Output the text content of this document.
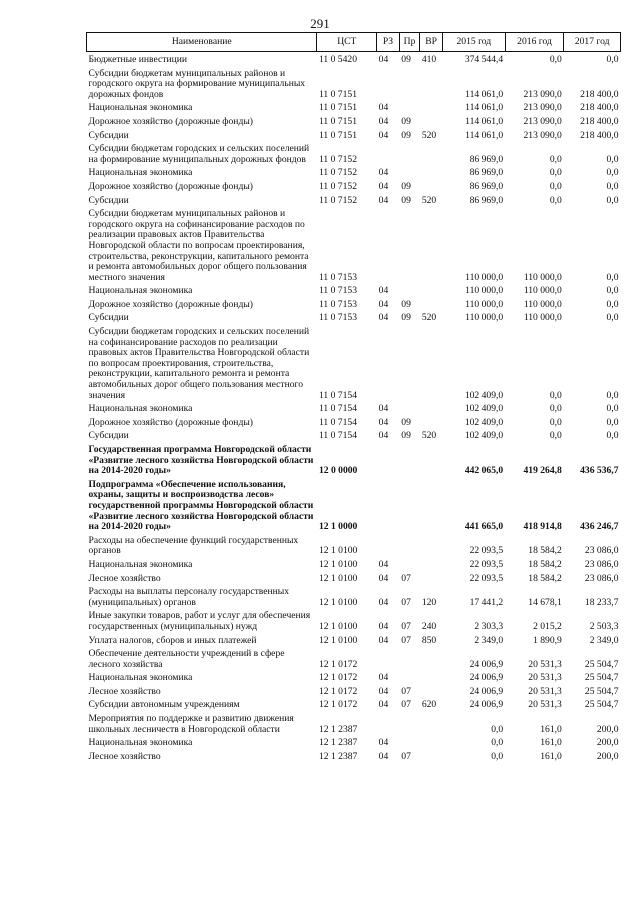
291
Наименование	ЦСТ	РЗ	Пр	ВР	2015 год	2016 год	2017 год
Бюджетные инвестиции	11 0 5420	04	09	410	374 544,4	0,0	0,0
Субсидии бюджетам муниципальных районов и городского округа на формирование муниципальных дорожных фондов	11 0 7151				114 061,0	213 090,0	218 400,0
Национальная экономика	11 0 7151	04			114 061,0	213 090,0	218 400,0
Дорожное хозяйство (дорожные фонды)	11 0 7151	04	09		114 061,0	213 090,0	218 400,0
Субсидии	11 0 7151	04	09	520	114 061,0	213 090,0	218 400,0
Субсидии бюджетам городских и сельских поселений на формирование муниципальных дорожных фондов	11 0 7152				86 969,0	0,0	0,0
Национальная экономика	11 0 7152	04			86 969,0	0,0	0,0
Дорожное хозяйство (дорожные фонды)	11 0 7152	04	09		86 969,0	0,0	0,0
Субсидии	11 0 7152	04	09	520	86 969,0	0,0	0,0
Субсидии бюджетам муниципальных районов и городского округа на софинансирование расходов по реализации правовых актов Правительства Новгородской области по вопросам проектирования, строительства, реконструкции, капитального ремонта и ремонта автомобильных дорог общего пользования местного значения	11 0 7153				110 000,0	110 000,0	0,0
Национальная экономика	11 0 7153	04			110 000,0	110 000,0	0,0
Дорожное хозяйство (дорожные фонды)	11 0 7153	04	09		110 000,0	110 000,0	0,0
Субсидии	11 0 7153	04	09	520	110 000,0	110 000,0	0,0
Субсидии бюджетам городских и сельских поселений на софинансирование расходов по реализации правовых актов Правительства Новгородской области по вопросам проектирования, строительства, реконструкции, капитального ремонта и ремонта автомобильных дорог общего пользования местного значения	11 0 7154				102 409,0	0,0	0,0
Национальная экономика	11 0 7154	04			102 409,0	0,0	0,0
Дорожное хозяйство (дорожные фонды)	11 0 7154	04	09		102 409,0	0,0	0,0
Субсидии	11 0 7154	04	09	520	102 409,0	0,0	0,0
Государственная программа Новгородской области «Развитие лесного хозяйства Новгородской области на 2014-2020 годы»	12 0 0000				442 065,0	419 264,8	436 536,7
Подпрограмма «Обеспечение использования, охраны, защиты и воспроизводства лесов» государственной программы Новгородской области «Развитие лесного хозяйства Новгородской области на 2014-2020 годы»	12 1 0000				441 665,0	418 914,8	436 246,7
Расходы на обеспечение функций государственных органов	12 1 0100				22 093,5	18 584,2	23 086,0
Национальная экономика	12 1 0100	04			22 093,5	18 584,2	23 086,0
Лесное хозяйство	12 1 0100	04	07		22 093,5	18 584,2	23 086,0
Расходы на выплаты персоналу государственных (муниципальных) органов	12 1 0100	04	07	120	17 441,2	14 678,1	18 233,7
Иные закупки товаров, работ и услуг для обеспечения государственных (муниципальных) нужд	12 1 0100	04	07	240	2 303,3	2 015,2	2 503,3
Уплата налогов, сборов и иных платежей	12 1 0100	04	07	850	2 349,0	1 890,9	2 349,0
Обеспечение деятельности учреждений в сфере лесного хозяйства	12 1 0172				24 006,9	20 531,3	25 504,7
Национальная экономика	12 1 0172	04			24 006,9	20 531,3	25 504,7
Лесное хозяйство	12 1 0172	04	07		24 006,9	20 531,3	25 504,7
Субсидии автономным учреждениям	12 1 0172	04	07	620	24 006,9	20 531,3	25 504,7
Мероприятия по поддержке и развитию движения школьных лесничеств в Новгородской области	12 1 2387				0,0	161,0	200,0
Национальная экономика	12 1 2387	04			0,0	161,0	200,0
Лесное хозяйство	12 1 2387	04	07		0,0	161,0	200,0
